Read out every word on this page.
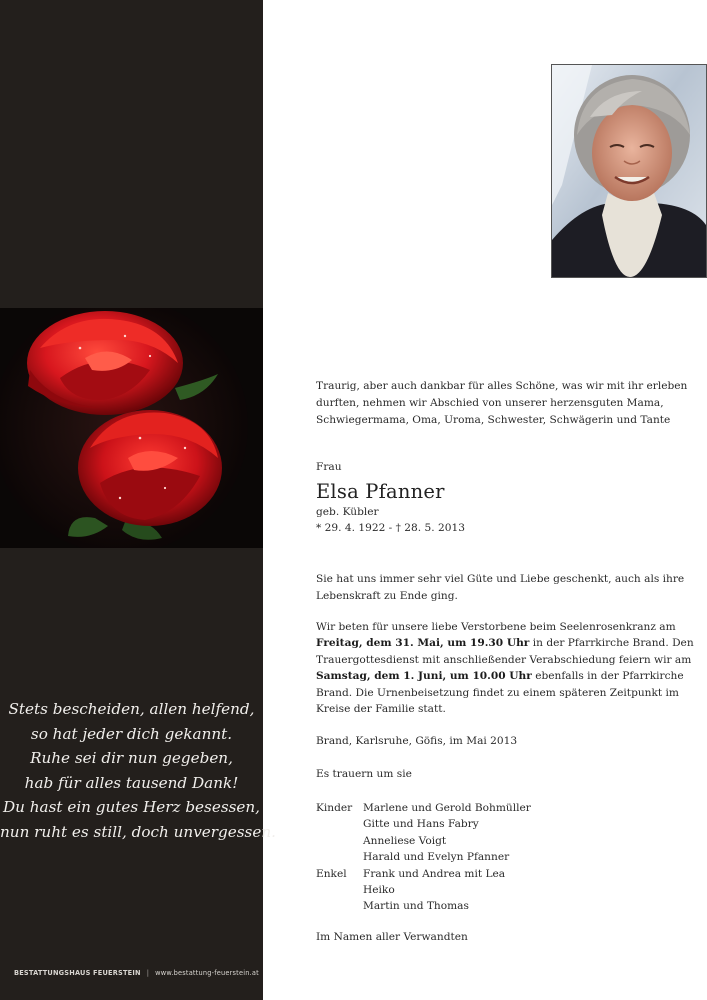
Stets bescheiden, allen helfend,
so hat jeder dich gekannt.
Ruhe sei dir nun gegeben,
hab für alles tausend Dank!
Du hast ein gutes Herz besessen,
nun ruht es still, doch unvergessen.
BESTATTUNGSHAUS FEUERSTEIN | www.bestattung-feuerstein.at
Traurig, aber auch dankbar für alles Schöne, was wir mit ihr erleben durften, nehmen wir Abschied von unserer herzensguten Mama, Schwiegermama, Oma, Uroma, Schwester, Schwägerin und Tante
Frau
Elsa Pfanner
geb. Kübler
* 29. 4. 1922 - † 28. 5. 2013
Sie hat uns immer sehr viel Güte und Liebe geschenkt, auch als ihre Lebenskraft zu Ende ging.
Wir beten für unsere liebe Verstorbene beim Seelenrosenkranz am Freitag, dem 31. Mai, um 19.30 Uhr in der Pfarrkirche Brand. Den Trauergottesdienst mit anschließender Verabschiedung feiern wir am Samstag, dem 1. Juni, um 10.00 Uhr ebenfalls in der Pfarrkirche Brand. Die Urnenbeisetzung findet zu einem späteren Zeitpunkt im Kreise der Familie statt.
Brand, Karlsruhe, Göfis, im Mai 2013
Es trauern um sie
Kinder	Marlene und Gerold Bohmüller
Gitte und Hans Fabry
Anneliese Voigt
Harald und Evelyn Pfanner
Enkel	Frank und Andrea mit Lea
Heiko
Martin und Thomas
Im Namen aller Verwandten
